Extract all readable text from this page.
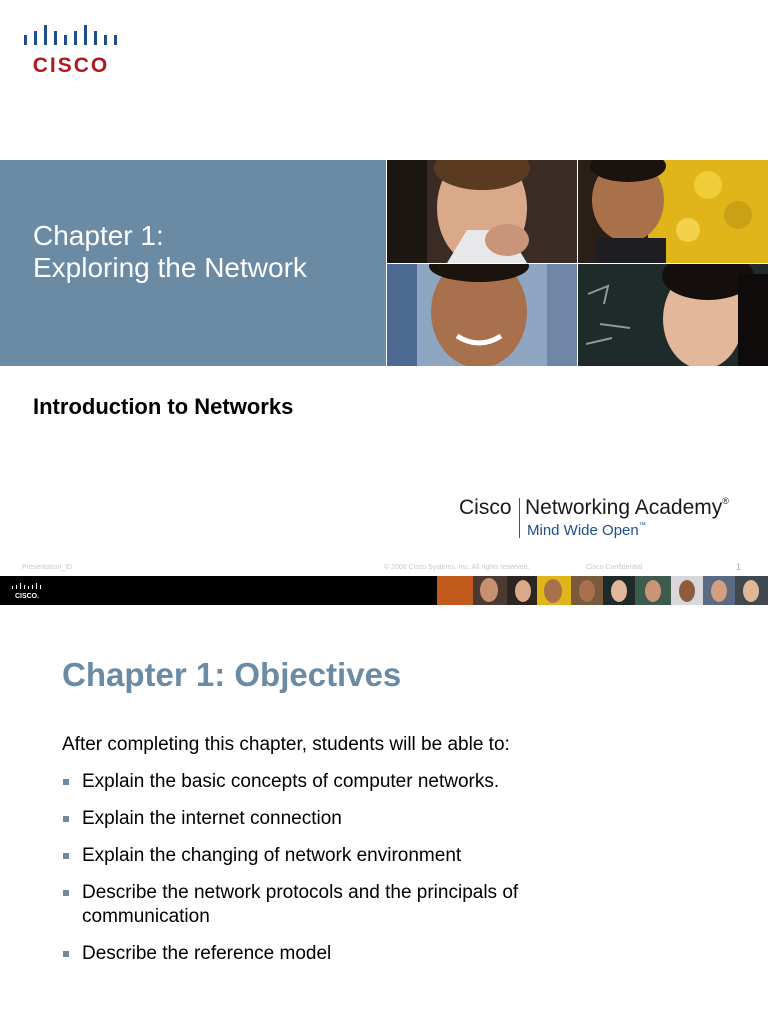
CISCO
Chapter 1:
Exploring the Network
Introduction to Networks
Cisco Networking Academy®
Mind Wide Open™
Presentation_ID	© 2008 Cisco Systems, Inc. All rights reserved.	Cisco Confidential	1
CISCO.
Chapter 1: Objectives
After completing this chapter, students will be able to:
Explain the basic concepts of computer networks.
Explain the internet connection
Explain the changing of network environment
Describe the network protocols and the principals of communication
Describe the reference model
